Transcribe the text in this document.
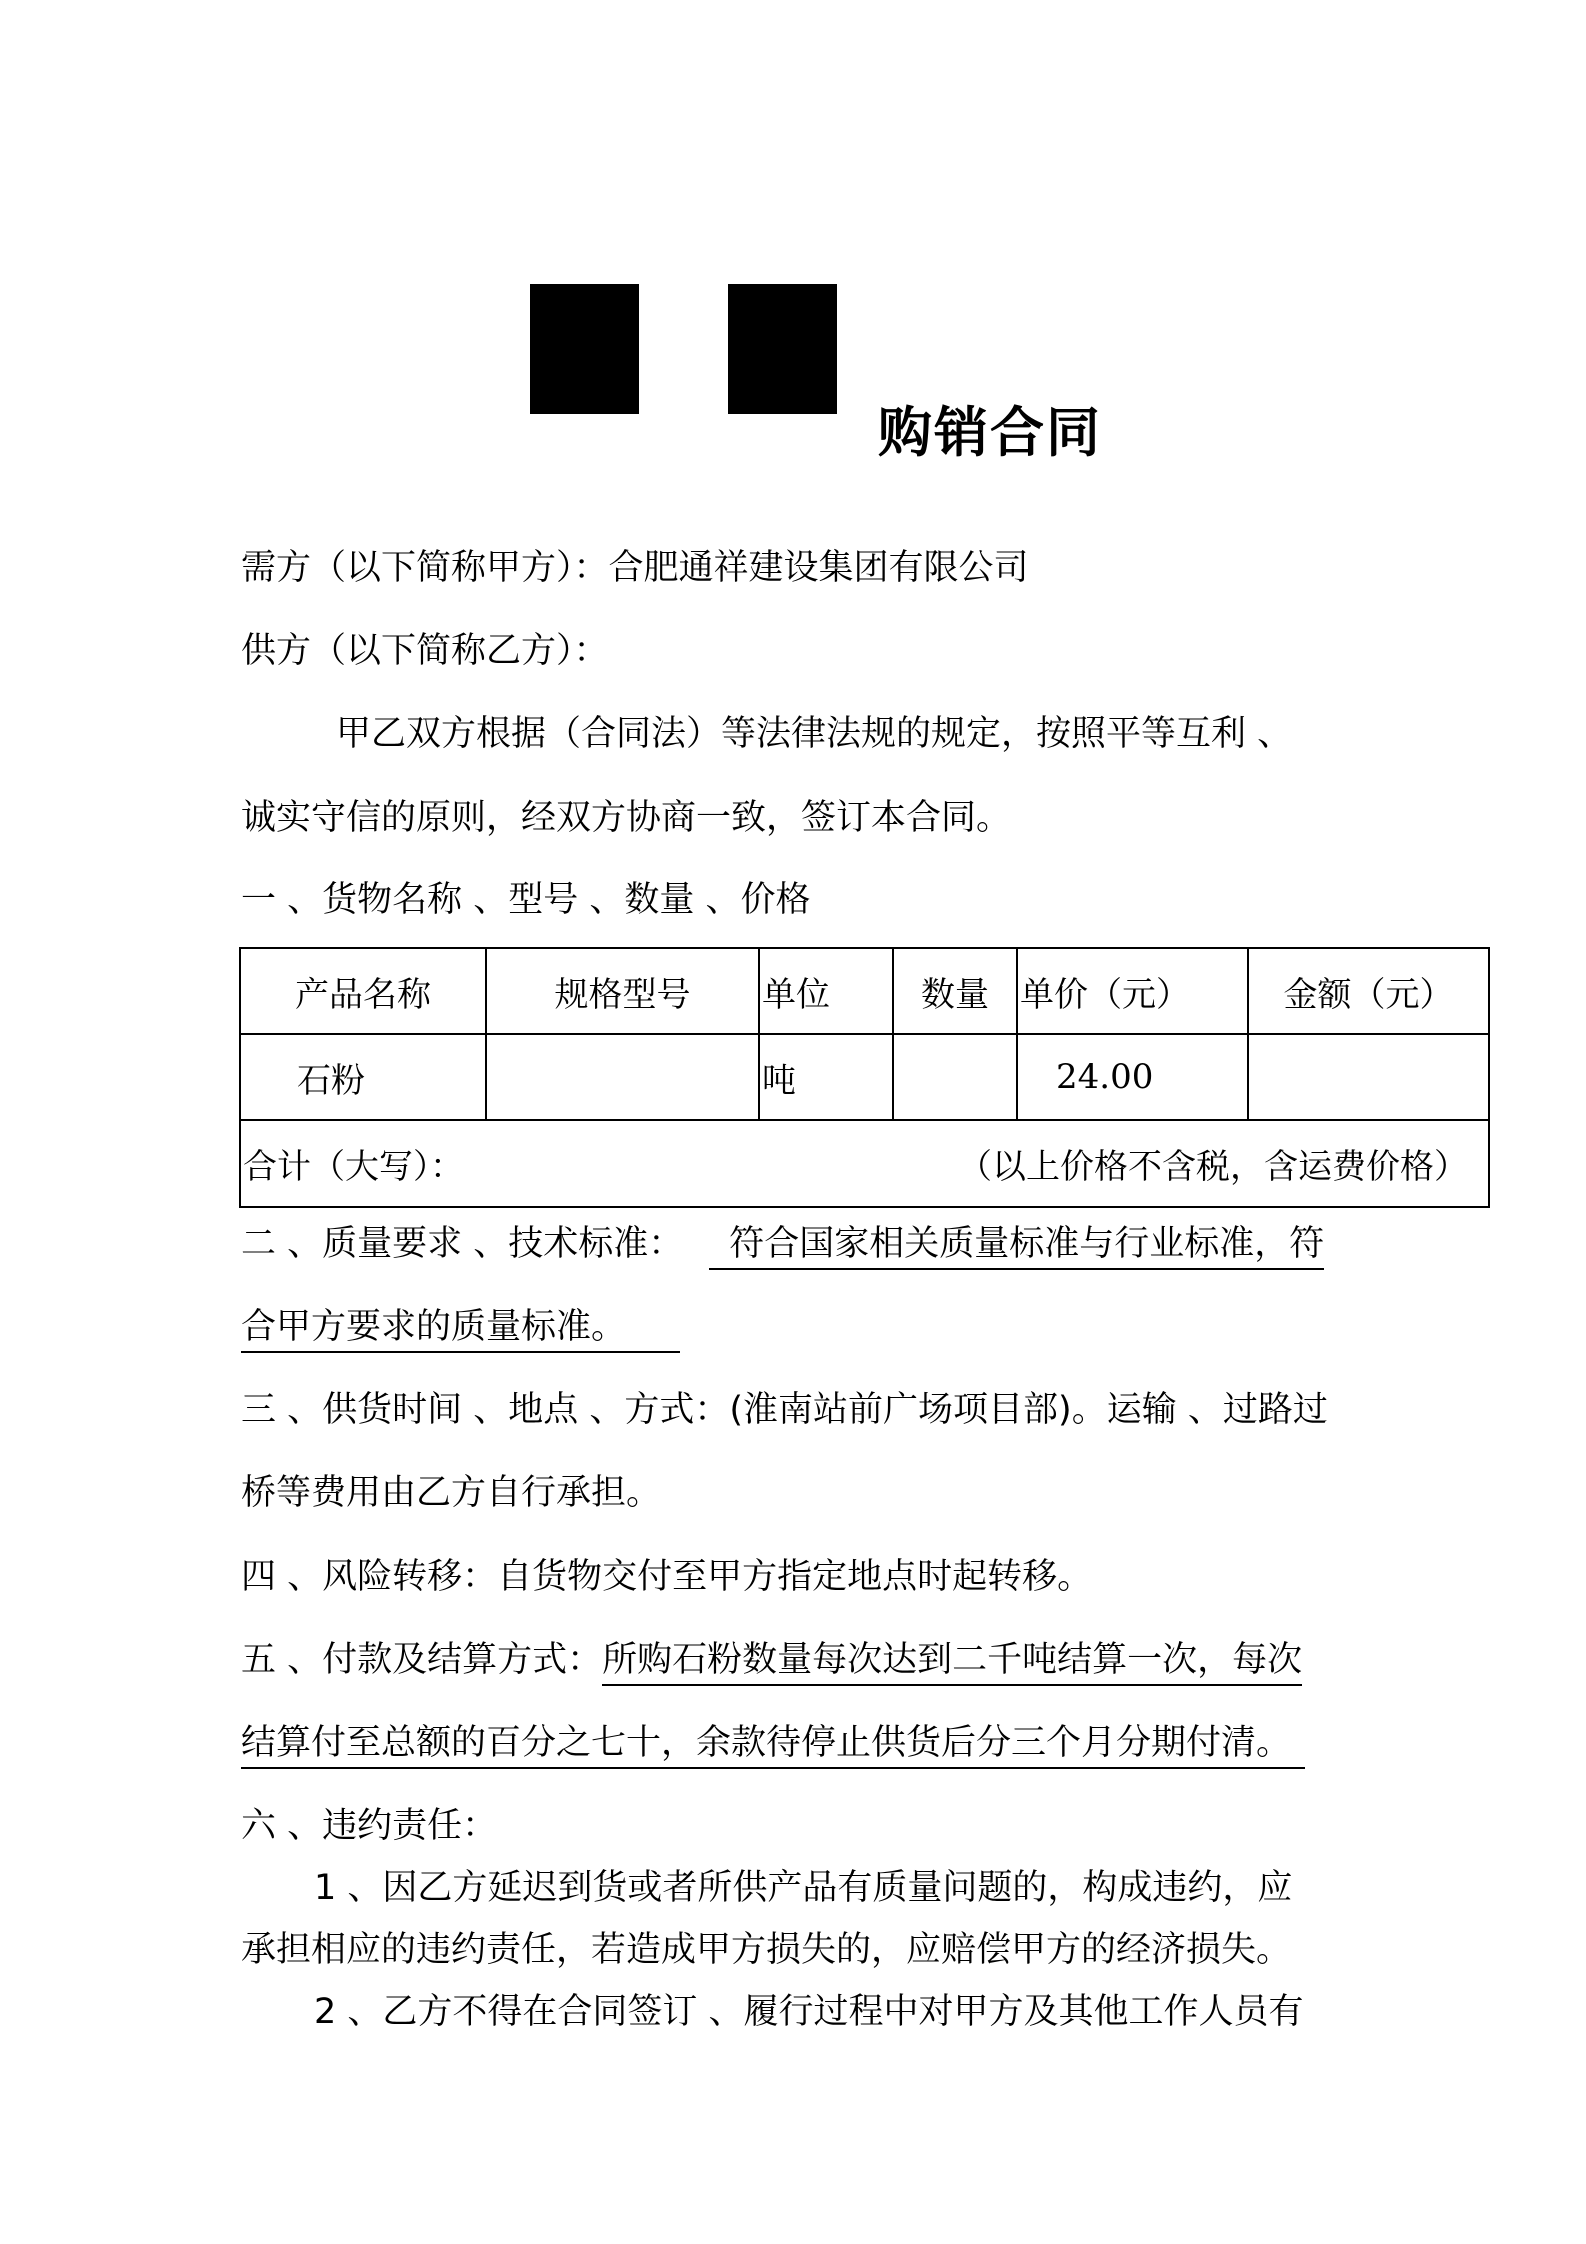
购销合同
需方（以下简称甲方）：合肥通祥建设集团有限公司
供方（以下简称乙方）：
甲乙双方根据（合同法）等法律法规的规定，按照平等互利 、
诚实守信的原则，经双方协商一致，签订本合同。
一 、货物名称 、型号 、数量 、价格
产品名称	规格型号	单位	数量	单价（元）	金额（元）
石粉		吨		24.00	

合计（大写）： （以上价格不含税，含运费价格）					
二 、质量要求 、技术标准： 符合国家相关质量标准与行业标准，符
合甲方要求的质量标准。
三 、供货时间 、地点 、方式：(淮南站前广场项目部)。运输 、过路过
桥等费用由乙方自行承担。
四 、风险转移：自货物交付至甲方指定地点时起转移。
五 、付款及结算方式：所购石粉数量每次达到二千吨结算一次，每次
结算付至总额的百分之七十，余款待停止供货后分三个月分期付清。
六 、违约责任：
1 、因乙方延迟到货或者所供产品有质量问题的，构成违约，应
承担相应的违约责任，若造成甲方损失的，应赔偿甲方的经济损失。
2 、乙方不得在合同签订 、履行过程中对甲方及其他工作人员有
